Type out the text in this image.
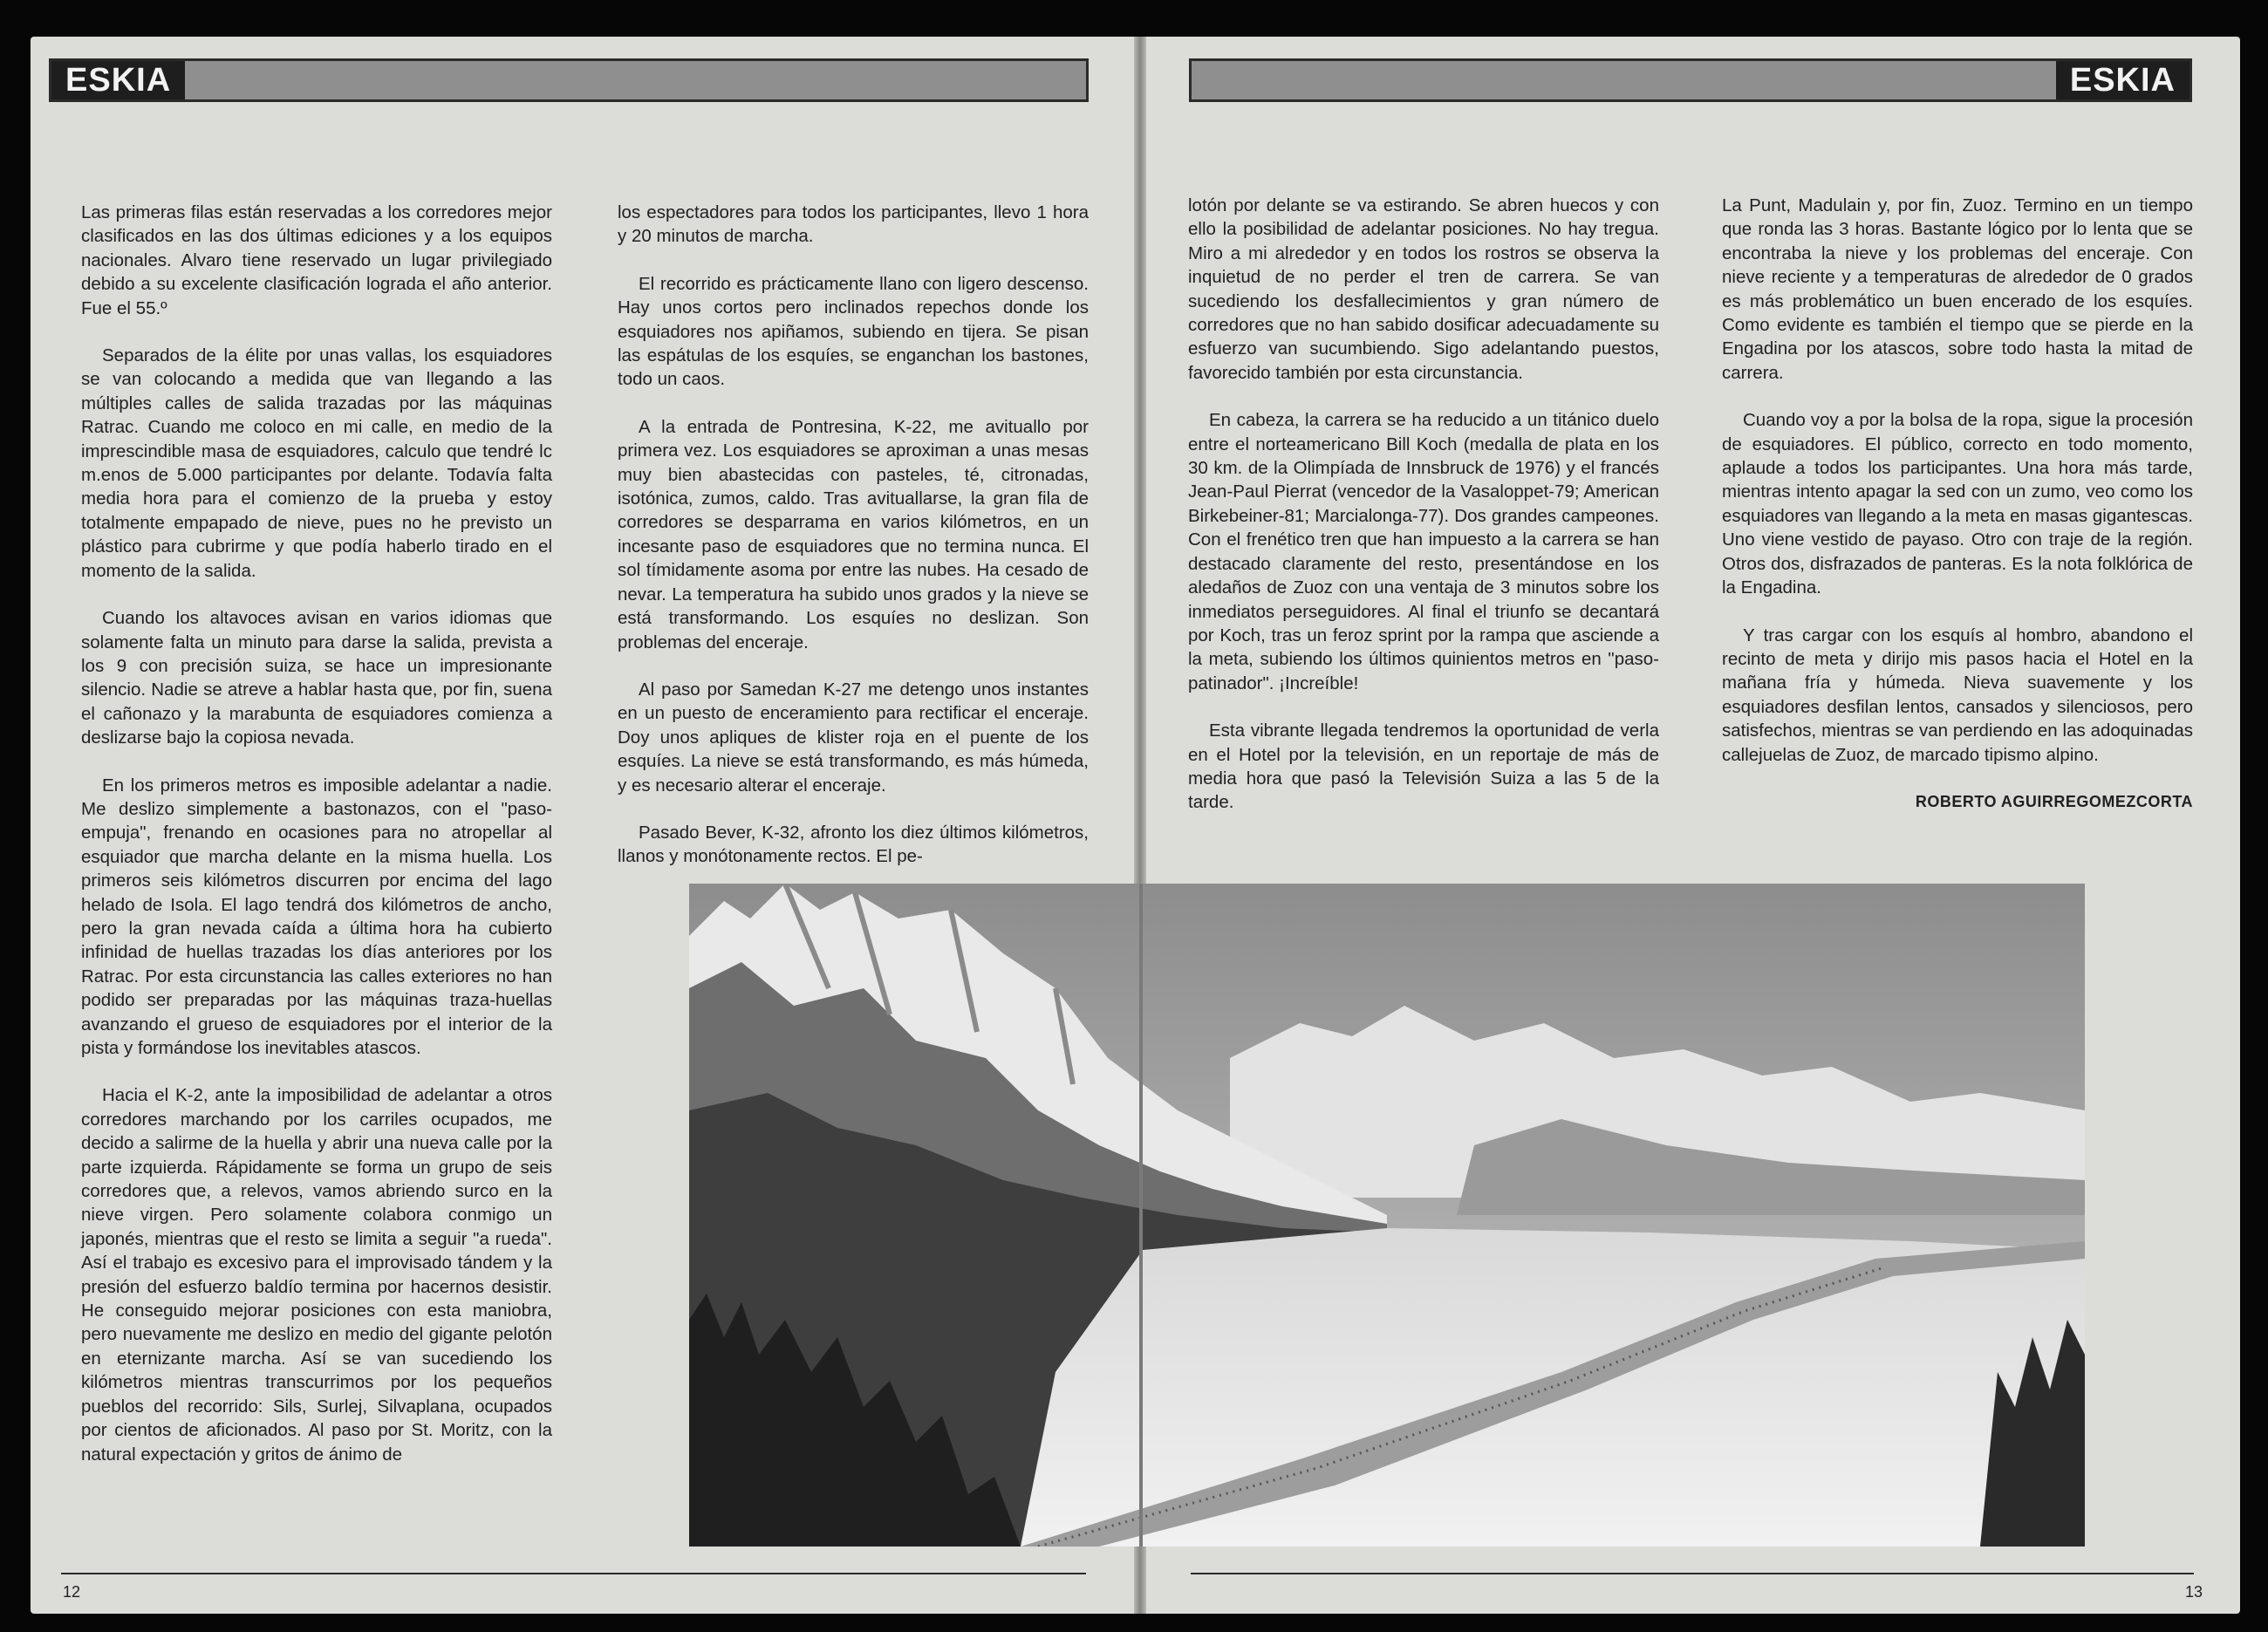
ESKIA	ESKIA

Las primeras filas están reservadas a los corredores mejor clasificados en las dos últimas ediciones y a los equipos nacionales. Alvaro tiene reservado un lugar privilegiado debido a su excelente clasificación lograda el año anterior. Fue el 55.º

Separados de la élite por unas vallas, los esquiadores se van colocando a medida que van llegando a las múltiples calles de salida trazadas por las máquinas Ratrac. Cuando me coloco en mi calle, en medio de la imprescindible masa de esquiadores, calculo que tendré lc m.enos de 5.000 participantes por delante. Todavía falta media hora para el comienzo de la prueba y estoy totalmente empapado de nieve, pues no he previsto un plástico para cubrirme y que podía haberlo tirado en el momento de la salida.

Cuando los altavoces avisan en varios idiomas que solamente falta un minuto para darse la salida, prevista a los 9 con precisión suiza, se hace un impresionante silencio. Nadie se atreve a hablar hasta que, por fin, suena el cañonazo y la marabunta de esquiadores comienza a deslizarse bajo la copiosa nevada.

En los primeros metros es imposible adelantar a nadie. Me deslizo simplemente a bastonazos, con el "paso-empuja", frenando en ocasiones para no atropellar al esquiador que marcha delante en la misma huella. Los primeros seis kilómetros discurren por encima del lago helado de Isola. El lago tendrá dos kilómetros de ancho, pero la gran nevada caída a última hora ha cubierto infinidad de huellas trazadas los días anteriores por los Ratrac. Por esta circunstancia las calles exteriores no han podido ser preparadas por las máquinas traza-huellas avanzando el grueso de esquiadores por el interior de la pista y formándose los inevitables atascos.

Hacia el K-2, ante la imposibilidad de adelantar a otros corredores marchando por los carriles ocupados, me decido a salirme de la huella y abrir una nueva calle por la parte izquierda. Rápidamente se forma un grupo de seis corredores que, a relevos, vamos abriendo surco en la nieve virgen. Pero solamente colabora conmigo un japonés, mientras que el resto se limita a seguir "a rueda". Así el trabajo es excesivo para el improvisado tándem y la presión del esfuerzo baldío termina por hacernos desistir. He conseguido mejorar posiciones con esta maniobra, pero nuevamente me deslizo en medio del gigante pelotón en eternizante marcha. Así se van sucediendo los kilómetros mientras transcurrimos por los pequeños pueblos del recorrido: Sils, Surlej, Silvaplana, ocupados por cientos de aficionados. Al paso por St. Moritz, con la natural expectación y gritos de ánimo de

los espectadores para todos los participantes, llevo 1 hora y 20 minutos de marcha.

El recorrido es prácticamente llano con ligero descenso. Hay unos cortos pero inclinados repechos donde los esquiadores nos apiñamos, subiendo en tijera. Se pisan las espátulas de los esquíes, se enganchan los bastones, todo un caos.

A la entrada de Pontresina, K-22, me avituallo por primera vez. Los esquiadores se aproximan a unas mesas muy bien abastecidas con pasteles, té, citronadas, isotónica, zumos, caldo. Tras avituallarse, la gran fila de corredores se desparrama en varios kilómetros, en un incesante paso de esquiadores que no termina nunca. El sol tímidamente asoma por entre las nubes. Ha cesado de nevar. La temperatura ha subido unos grados y la nieve se está transformando. Los esquíes no deslizan. Son problemas del enceraje.

Al paso por Samedan K-27 me detengo unos instantes en un puesto de enceramiento para rectificar el enceraje. Doy unos apliques de klister roja en el puente de los esquíes. La nieve se está transformando, es más húmeda, y es necesario alterar el enceraje.

Pasado Bever, K-32, afronto los diez últimos kilómetros, llanos y monótonamente rectos. El pe-

lotón por delante se va estirando. Se abren huecos y con ello la posibilidad de adelantar posiciones. No hay tregua. Miro a mi alrededor y en todos los rostros se observa la inquietud de no perder el tren de carrera. Se van sucediendo los desfallecimientos y gran número de corredores que no han sabido dosificar adecuadamente su esfuerzo van sucumbiendo. Sigo adelantando puestos, favorecido también por esta circunstancia.

En cabeza, la carrera se ha reducido a un titánico duelo entre el norteamericano Bill Koch (medalla de plata en los 30 km. de la Olimpíada de Innsbruck de 1976) y el francés Jean-Paul Pierrat (vencedor de la Vasaloppet-79; American Birkebeiner-81; Marcialonga-77). Dos grandes campeones. Con el frenético tren que han impuesto a la carrera se han destacado claramente del resto, presentándose en los aledaños de Zuoz con una ventaja de 3 minutos sobre los inmediatos perseguidores. Al final el triunfo se decantará por Koch, tras un feroz sprint por la rampa que asciende a la meta, subiendo los últimos quinientos metros en "paso-patinador". ¡Increíble!

Esta vibrante llegada tendremos la oportunidad de verla en el Hotel por la televisión, en un reportaje de más de media hora que pasó la Televisión Suiza a las 5 de la tarde.

La Punt, Madulain y, por fin, Zuoz. Termino en un tiempo que ronda las 3 horas. Bastante lógico por lo lenta que se encontraba la nieve y los problemas del enceraje. Con nieve reciente y a temperaturas de alrededor de 0 grados es más problemático un buen encerado de los esquíes. Como evidente es también el tiempo que se pierde en la Engadina por los atascos, sobre todo hasta la mitad de carrera.

Cuando voy a por la bolsa de la ropa, sigue la procesión de esquiadores. El público, correcto en todo momento, aplaude a todos los participantes. Una hora más tarde, mientras intento apagar la sed con un zumo, veo como los esquiadores van llegando a la meta en masas gigantescas. Uno viene vestido de payaso. Otro con traje de la región. Otros dos, disfrazados de panteras. Es la nota folklórica de la Engadina.

Y tras cargar con los esquís al hombro, abandono el recinto de meta y dirijo mis pasos hacia el Hotel en la mañana fría y húmeda. Nieva suavemente y los esquiadores desfilan lentos, cansados y silenciosos, pero satisfechos, mientras se van perdiendo en las adoquinadas callejuelas de Zuoz, de marcado tipismo alpino.

ROBERTO AGUIRREGOMEZCORTA

12	13
